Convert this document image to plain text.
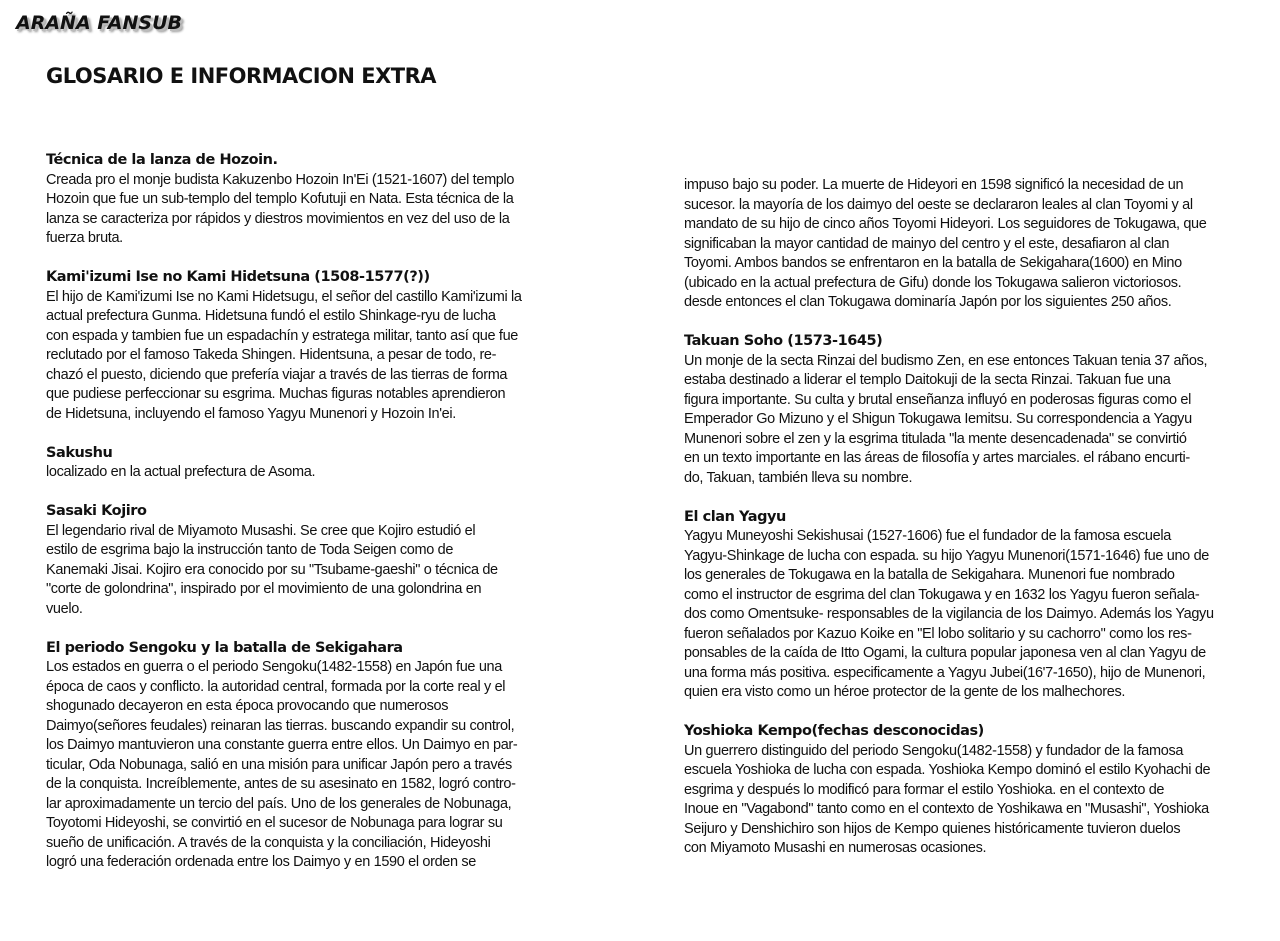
ARAÑA FANSUB
GLOSARIO E INFORMACION EXTRA
Técnica de la lanza de Hozoin.
Creada pro el monje budista Kakuzenbo Hozoin In'Ei (1521-1607) del templo
Hozoin que fue un sub-templo del templo Kofutuji en Nata. Esta técnica de la
lanza se caracteriza por rápidos y diestros movimientos en vez del uso de la
fuerza bruta.
Kami'izumi Ise no Kami Hidetsuna (1508-1577(?))
El hijo de Kami'izumi Ise no Kami Hidetsugu, el señor del castillo Kami'izumi la
actual prefectura Gunma. Hidetsuna fundó el estilo Shinkage-ryu de lucha
con espada y tambien fue un espadachín y estratega militar, tanto así que fue
reclutado por el famoso Takeda Shingen. Hidentsuna, a pesar de todo, re-
chazó el puesto, diciendo que prefería viajar a través de las tierras de forma
que pudiese perfeccionar su esgrima. Muchas figuras notables aprendieron
de Hidetsuna, incluyendo el famoso Yagyu Munenori y Hozoin In'ei.
Sakushu
localizado en la actual prefectura de Asoma.
Sasaki Kojiro
El legendario rival de Miyamoto Musashi. Se cree que Kojiro estudió el
estilo de esgrima bajo la instrucción tanto de Toda Seigen como de
Kanemaki Jisai. Kojiro era conocido por su "Tsubame-gaeshi" o técnica de
"corte de golondrina", inspirado por el movimiento de una golondrina en
vuelo.
El periodo Sengoku y la batalla de Sekigahara
Los estados en guerra o el periodo Sengoku(1482-1558) en Japón fue una
época de caos y conflicto. la autoridad central, formada por la corte real y el
shogunado decayeron en esta época provocando que numerosos
Daimyo(señores feudales) reinaran las tierras. buscando expandir su control,
los Daimyo mantuvieron una constante guerra entre ellos. Un Daimyo en par-
ticular, Oda Nobunaga, salió en una misión para unificar Japón pero a través
de la conquista. Increíblemente, antes de su asesinato en 1582, logró contro-
lar aproximadamente un tercio del país. Uno de los generales de Nobunaga,
Toyotomi Hideyoshi, se convirtió en el sucesor de Nobunaga para lograr su
sueño de unificación. A través de la conquista y la conciliación, Hideyoshi
logró una federación ordenada entre los Daimyo y en 1590 el orden se
impuso bajo su poder. La muerte de Hideyori en 1598 significó la necesidad de un
sucesor. la mayoría de los daimyo del oeste se declararon leales al clan Toyomi y al
mandato de su hijo de cinco años Toyomi Hideyori. Los seguidores de Tokugawa, que
significaban la mayor cantidad de mainyo del centro y el este, desafiaron al clan
Toyomi. Ambos bandos se enfrentaron en la batalla de Sekigahara(1600) en Mino
(ubicado en la actual prefectura de Gifu) donde los Tokugawa salieron victoriosos.
desde entonces el clan Tokugawa dominaría Japón por los siguientes 250 años.
Takuan Soho (1573-1645)
Un monje de la secta Rinzai del budismo Zen, en ese entonces Takuan tenia 37 años,
estaba destinado a liderar el templo Daitokuji de la secta Rinzai. Takuan fue una
figura importante. Su culta y brutal enseñanza influyó en poderosas figuras como el
Emperador Go Mizuno y el Shigun Tokugawa Iemitsu. Su correspondencia a Yagyu
Munenori sobre el zen y la esgrima titulada "la mente desencadenada" se convirtió
en un texto importante en las áreas de filosofía y artes marciales. el rábano encurti-
do, Takuan, también lleva su nombre.
El clan Yagyu
Yagyu Muneyoshi Sekishusai (1527-1606) fue el fundador de la famosa escuela
Yagyu-Shinkage de lucha con espada. su hijo Yagyu Munenori(1571-1646) fue uno de
los generales de Tokugawa en la batalla de Sekigahara. Munenori fue nombrado
como el instructor de esgrima del clan Tokugawa y en 1632 los Yagyu fueron señala-
dos como Omentsuke- responsables de la vigilancia de los Daimyo. Además los Yagyu
fueron señalados por Kazuo Koike en "El lobo solitario y su cachorro" como los res-
ponsables de la caída de Itto Ogami, la cultura popular japonesa ven al clan Yagyu de
una forma más positiva. especificamente a Yagyu Jubei(16'7-1650), hijo de Munenori,
quien era visto como un héroe protector de la gente de los malhechores.
Yoshioka Kempo(fechas desconocidas)
Un guerrero distinguido del periodo Sengoku(1482-1558) y fundador de la famosa
escuela Yoshioka de lucha con espada. Yoshioka Kempo dominó el estilo Kyohachi de
esgrima y después lo modificó para formar el estilo Yoshioka. en el contexto de
Inoue en "Vagabond" tanto como en el contexto de Yoshikawa en "Musashi", Yoshioka
Seijuro y Denshichiro son hijos de Kempo quienes históricamente tuvieron duelos
con Miyamoto Musashi en numerosas ocasiones.
